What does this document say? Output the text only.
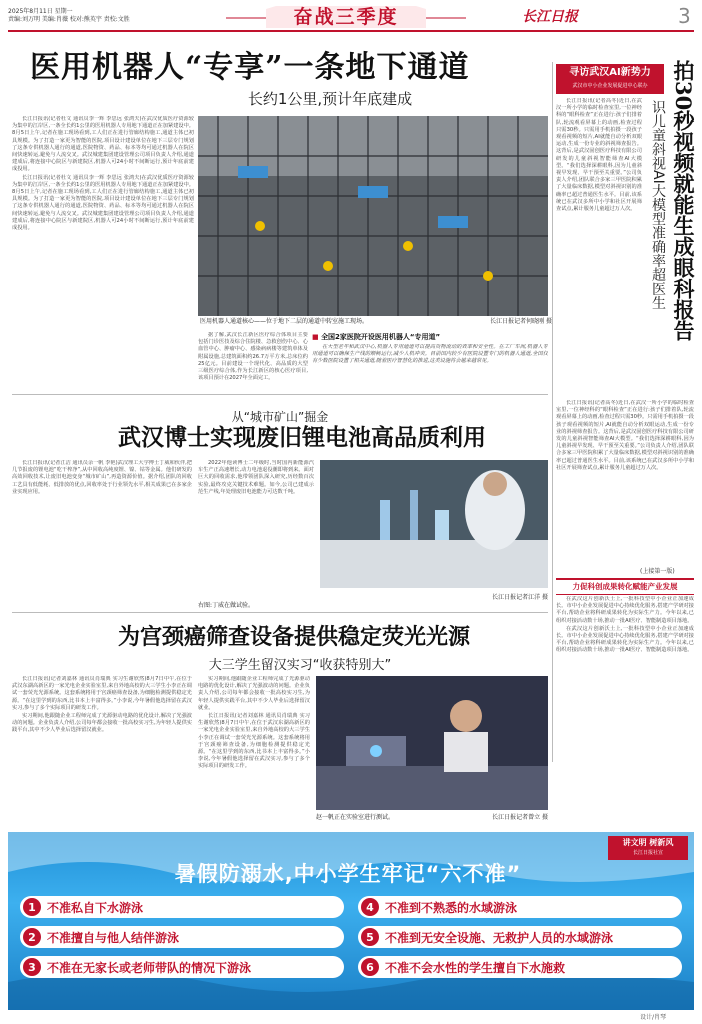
2025年8月11日 星期一
责编:刘万明 美编:肖薇 校对:熊英宇 责校:文胜	奋战三季度	长江日报	3
医用机器人“专享”一条地下通道
长约1公里,预计年底建成

长江日报讯(记者杜文 通讯员李一辉 李思远 张鸿夫)在武汉优质医疗资源较为集中的江岸区,一条全长约1公里的医用机器人专用地下通道正在加紧建设中。8月5日上午,记者在施工现场看到,工人们正在进行管廊结构施工,通道主体已初具规模。为了打造一家更为智能的医院,项目设计建设单位在地下三层专门规划了这条专供机器人通行的通道,医院物资、药品、标本等均可通过机器人在院区间快速转运,避免与人流交叉。武汉城建集团建设管理公司项目负责人介绍,通道建成后,将连接中心院区与新建院区,机器人可24小时不间断运行,预计年底前建成投用。

长江日报讯(记者杜文 通讯员李一辉 李思远 张鸿夫)在武汉优质医疗资源较为集中的江岸区,一条全长约1公里的医用机器人专用地下通道正在加紧建设中。8月5日上午,记者在施工现场看到,工人们正在进行管廊结构施工,通道主体已初具规模。为了打造一家更为智能的医院,项目设计建设单位在地下三层专门规划了这条专供机器人通行的通道,医院物资、药品、标本等均可通过机器人在院区间快速转运,避免与人流交叉。武汉城建集团建设管理公司项目负责人介绍,通道建成后,将连接中心院区与新建院区,机器人可24小时不间断运行,预计年底前建成投用。

医用机器人通道核心——位于地下二层的通道中转室施工现场。	长江日报记者何晓刚 摄

据了解,武汉长江新区医疗综合体项目主要包括门诊医技及综合住院楼、急救创伤中心、心血管中心、肿瘤中心、感染病病楼等建筑单体及附属设施,总建筑面积约26.7万平方米,总床位约25亿元。目前建设一个现代化、高品质的大型三级医疗综合体,作为长江新区的核心医疗项目,该项目预计在2027年全面完工。

■ 全国2家医院开设医用机器人“专用道”

在大型老年和武汉中心,机器人专用通道可以提高货物流动的效率和安全性。在工厂车间,机器人专用通道可以确保生产线的顺畅运行,减少人机冲突。目前国内较少有医院设置专门的机器人通道,全国仅有少数医院设置了相关通道,随着医疗智慧化的推进,这类设施将会越来越常见。

寻访武汉AI新势力
武汉市中小企业发展促进中心联办	拍30秒视频就能生成眼科报告
识儿童斜视AI大模型准确率超医生

长江日报讯(记者高冬)近日,在武汉一所小学的临时检查室里,一位神经科的“眼科检查”正在进行:孩子们排着队,轮流观看屏幕上的动画,检查过程只需30秒。只需用手机拍摄一段孩子观看视频的短片,AI就能自动分析双眼运动,生成一份专业的斜视筛查报告。这背后,是武汉固创医疗科技有限公司研发的儿童斜视智能筛查AI大模型。“我们选择深耕眼科,因为儿童斜视早发现、早干预至关重要。”公司负责人介绍,团队联合多家三甲医院积累了大量临床数据,模型对斜视识别的准确率已超过普通医生水平。目前,该系统已在武汉多所中小学和社区开展筛查试点,累计服务儿童超过万人次。

长江日报讯(记者高冬)近日,在武汉一所小学的临时检查室里,一位神经科的“眼科检查”正在进行:孩子们排着队,轮流观看屏幕上的动画,检查过程只需30秒。只需用手机拍摄一段孩子观看视频的短片,AI就能自动分析双眼运动,生成一份专业的斜视筛查报告。这背后,是武汉固创医疗科技有限公司研发的儿童斜视智能筛查AI大模型。“我们选择深耕眼科,因为儿童斜视早发现、早干预至关重要。”公司负责人介绍,团队联合多家三甲医院积累了大量临床数据,模型对斜视识别的准确率已超过普通医生水平。目前,该系统已在武汉多所中小学和社区开展筛查试点,累计服务儿童超过万人次。

(上接第一版)
力促科创成果转化赋能产业发展

在武汉这片创新沃土上,一批科技型中小企业正加速成长。市中小企业发展促进中心持续优化服务,搭建产学研对接平台,帮助企业将科研成果转化为实际生产力。今年以来,已组织对接活动数十场,推动一批AI医疗、智能制造项目落地。

在武汉这片创新沃土上,一批科技型中小企业正加速成长。市中小企业发展促进中心持续优化服务,搭建产学研对接平台,帮助企业将科研成果转化为实际生产力。今年以来,已组织对接活动数十场,推动一批AI医疗、智能制造项目落地。

从“城市矿山”掘金
武汉博士实现废旧锂电池高品质利用

长江日报讯(记者江洁 通讯员余一帆 李艳)武汉理工大学博士丁威和伙伴,把几节报废的锂电池“吃干榨净”,从中回收高纯度锂、镍、钴等金属。他们研发的高效回收技术,让废旧电池变身“城市矿山”,再造资源价值。据介绍,团队的回收工艺具有低能耗、低排放的优点,回收率处于行业领先水平,相关成果已在多家企业实现应用。

2022年他读博士二年级时,当时国内新能源汽车生产正高速增长,动力电池退役潮即将到来。面对巨大的回收需求,他带领团队深入研究,历经数百次实验,最终攻克关键技术难题。如今,公司已建成示范生产线,年处理废旧电池能力可达数千吨。

右图:丁威在做试验。
长江日报记者江洋 摄
为宫颈癌筛查设备提供稳定荧光光源
大三学生留汉实习“收获特别大”

长江日报讯(记者刘嘉林 通讯员肖瑞典 实习生谢欣然)8月7日中午,在位于武汉东湖高新区的一家光电企业实验室里,来自外地高校的大三学生小李正在调试一套荧光光源系统。这套系统将用于宫颈癌筛查设备,为细胞检测提供稳定光源。“在这里学到的东西,比书本上丰富得多。”小李说,今年暑假他选择留在武汉实习,参与了多个实际项目的研发工作。

实习期间,他跟随企业工程师完成了光源驱动电路的优化设计,解决了光强波动的问题。企业负责人介绍,公司每年都会接收一批高校实习生,为年轻人提供实践平台,其中不少人毕业后选择留汉就业。

实习期间,他跟随企业工程师完成了光源驱动电路的优化设计,解决了光强波动的问题。企业负责人介绍,公司每年都会接收一批高校实习生,为年轻人提供实践平台,其中不少人毕业后选择留汉就业。

长江日报讯(记者刘嘉林 通讯员肖瑞典 实习生谢欣然)8月7日中午,在位于武汉东湖高新区的一家光电企业实验室里,来自外地高校的大三学生小李正在调试一套荧光光源系统。这套系统将用于宫颈癌筛查设备,为细胞检测提供稳定光源。“在这里学到的东西,比书本上丰富得多。”小李说,今年暑假他选择留在武汉实习,参与了多个实际项目的研发工作。

赵一帆正在实验室进行测试。	长江日报记者曾立 摄
讲文明 树新风
长江日报社宣
暑假防溺水,中小学生牢记“六不准”
1 不准私自下水游泳	4 不准到不熟悉的水域游泳
2 不准擅自与他人结伴游泳	5 不准到无安全设施、无救护人员的水域游泳
3 不准在无家长或老师带队的情况下游泳	6 不准不会水性的学生擅自下水施救
设计/肖琴
